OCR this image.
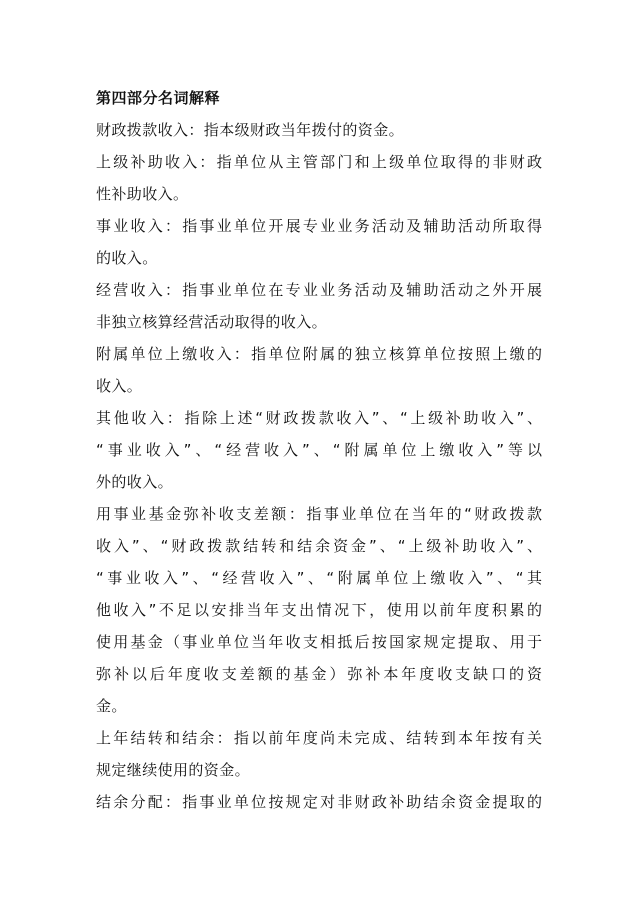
第四部分名词解释
财政拨款收入：指本级财政当年拨付的资金。
上级补助收入：指单位从主管部门和上级单位取得的非财政
性补助收入。
事业收入：指事业单位开展专业业务活动及辅助活动所取得
的收入。
经营收入：指事业单位在专业业务活动及辅助活动之外开展
非独立核算经营活动取得的收入。
附属单位上缴收入：指单位附属的独立核算单位按照上缴的
收入。
其他收入：指除上述“财政拨款收入”、“上级补助收入”、
“事业收入”、“经营收入”、“附属单位上缴收入”等以
外的收入。
用事业基金弥补收支差额：指事业单位在当年的“财政拨款
收入”、“财政拨款结转和结余资金”、“上级补助收入”、
“事业收入”、“经营收入”、“附属单位上缴收入”、“其
他收入”不足以安排当年支出情况下，使用以前年度积累的
使用基金（事业单位当年收支相抵后按国家规定提取、用于
弥补以后年度收支差额的基金）弥补本年度收支缺口的资
金。
上年结转和结余：指以前年度尚未完成、结转到本年按有关
规定继续使用的资金。
结余分配：指事业单位按规定对非财政补助结余资金提取的
